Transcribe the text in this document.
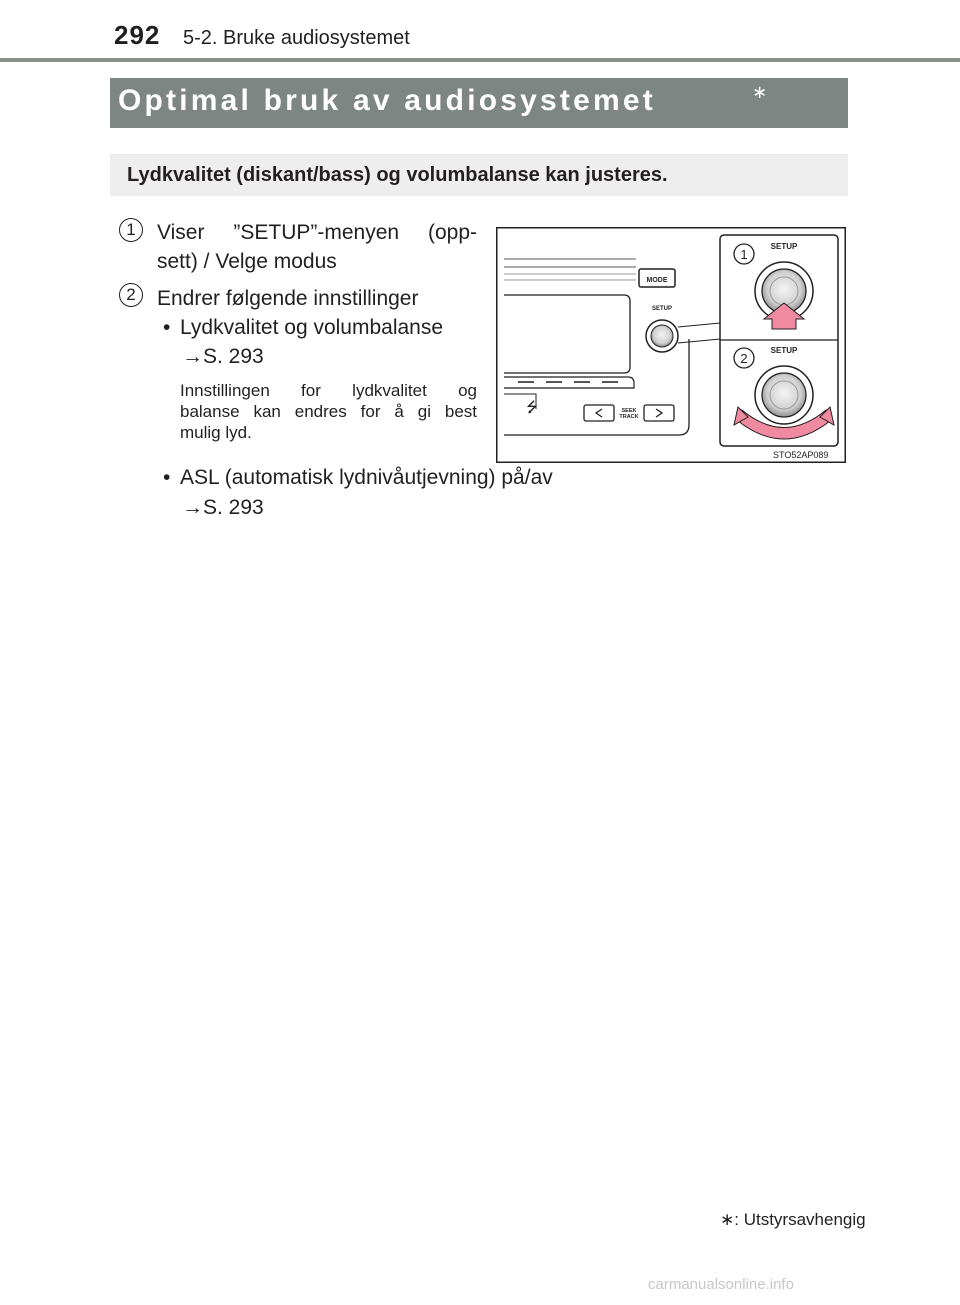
292 5-2. Bruke audiosystemet
Optimal bruk av audiosystemet	∗
Lydkvalitet (diskant/bass) og volumbalanse kan justeres.
1	Viser ”SETUP”-menyen (opp-
sett) / Velge modus
2	Endrer følgende innstillinger
• Lydkvalitet og volumbalanse
→S. 293
Innstillingen for lydkvalitet og
balanse kan endres for å gi best
mulig lyd.
• ASL (automatisk lydnivåutjevning) på/av
→S. 293
MODE
SETUP
⭍	SEEK
TRACK
1
SETUP
2
SETUP
STO52AP089
∗: Utstyrsavhengig
carmanualsonline.info
